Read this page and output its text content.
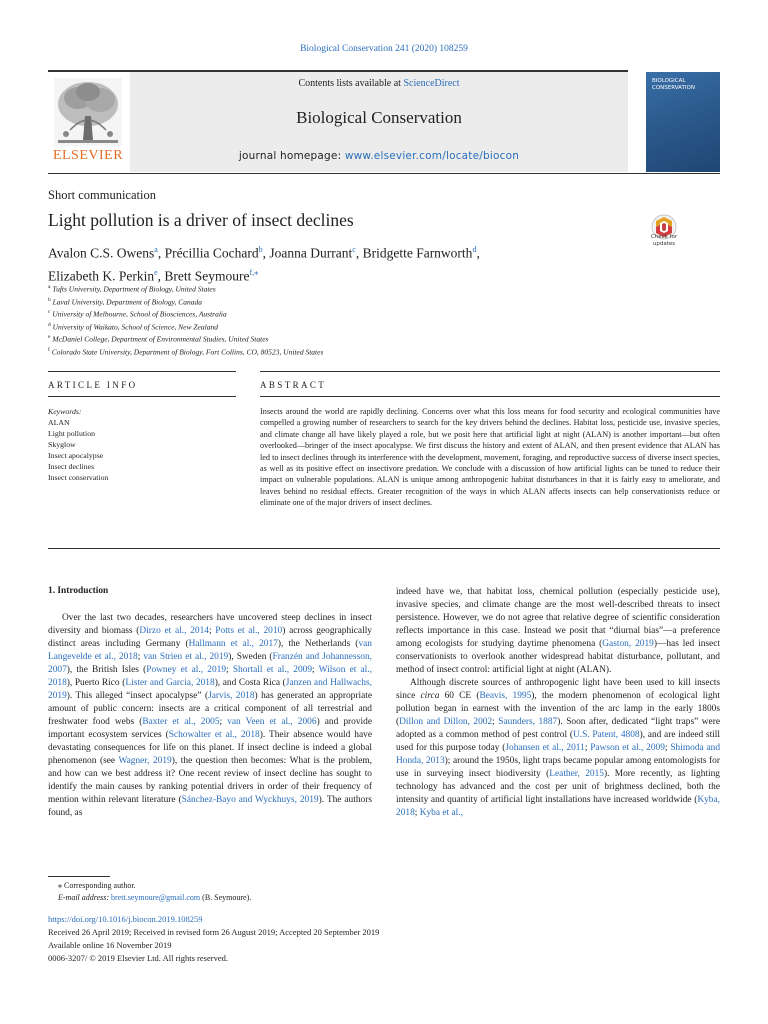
Biological Conservation 241 (2020) 108259
Contents lists available at ScienceDirect
Biological Conservation
journal homepage: www.elsevier.com/locate/biocon
ELSEVIER
BIOLOGICAL CONSERVATION
Short communication
Light pollution is a driver of insect declines
Check for updates
Avalon C.S. Owens$^a$, Précillia Cochard$^b$, Joanna Durrant$^c$, Bridgette Farnworth$^d$,
Elizabeth K. Perkin$^e$, Brett Seymoure$^{f,⁎}$
$^a$ Tufts University, Department of Biology, United States
$^b$ Laval University, Department of Biology, Canada
$^c$ University of Melbourne, School of Biosciences, Australia
$^d$ University of Waikato, School of Science, New Zealand
$^e$ McDaniel College, Department of Environmental Studies, United States
$^f$ Colorado State University, Department of Biology, Fort Collins, CO, 80523, United States
ARTICLE INFO	ABSTRACT
Keywords:
ALAN
Light pollution
Skyglow
Insect apocalypse
Insect declines
Insect conservation
Insects around the world are rapidly declining. Concerns over what this loss means for food security and ecological communities have compelled a growing number of researchers to search for the key drivers behind the declines. Habitat loss, pesticide use, invasive species, and climate change all have likely played a role, but we posit here that artificial light at night (ALAN) is another important—but often overlooked—bringer of the insect apocalypse. We first discuss the history and extent of ALAN, and then present evidence that ALAN has led to insect declines through its interference with the development, movement, foraging, and reproductive success of diverse insect species, as well as its positive effect on insectivore predation. We conclude with a discussion of how artificial lights can be tuned to reduce their impact on vulnerable populations. ALAN is unique among anthropogenic habitat disturbances in that it is fairly easy to ameliorate, and leaves behind no residual effects. Greater recognition of the ways in which ALAN affects insects can help conservationists reduce or eliminate one of the major drivers of insect declines.
1. Introduction

Over the last two decades, researchers have uncovered steep declines in insect diversity and biomass (Dirzo et al., 2014; Potts et al., 2010) across geographically distinct areas including Germany (Hallmann et al., 2017), the Netherlands (van Langevelde et al., 2018; van Strien et al., 2019), Sweden (Franzén and Johannesson, 2007), the British Isles (Powney et al., 2019; Shortall et al., 2009; Wilson et al., 2018), Puerto Rico (Lister and Garcia, 2018), and Costa Rica (Janzen and Hallwachs, 2019). This alleged “insect apocalypse” (Jarvis, 2018) has generated an appropriate amount of public concern: insects are a critical component of all terrestrial and freshwater food webs (Baxter et al., 2005; van Veen et al., 2006) and provide important ecosystem services (Schowalter et al., 2018). Their absence would have devastating consequences for life on this planet. If insect decline is indeed a global phenomenon (see Wagner, 2019), the question then becomes: What is the problem, and how can we best address it? One recent review of insect decline has sought to identify the main causes by ranking potential drivers in order of their frequency of mention within relevant literature (Sánchez-Bayo and Wyckhuys, 2019). The authors found, as

indeed have we, that habitat loss, chemical pollution (especially pesticide use), invasive species, and climate change are the most well-described threats to insect persistence. However, we do not agree that relative degree of scientific consideration reflects importance in this case. Instead we posit that “diurnal bias”—a preference among ecologists for studying daytime phenomena (Gaston, 2019)—has led insect conservationists to overlook another widespread habitat disturbance, pollutant, and method of insect control: artificial light at night (ALAN).

Although discrete sources of anthropogenic light have been used to kill insects since circa 60 CE (Beavis, 1995), the modern phenomenon of ecological light pollution began in earnest with the invention of the arc lamp in the early 1800s (Dillon and Dillon, 2002; Saunders, 1887). Soon after, dedicated “light traps” were adopted as a common method of pest control (U.S. Patent, 4808), and are indeed still used for this purpose today (Johansen et al., 2011; Pawson et al., 2009; Shimoda and Honda, 2013); around the 1950s, light traps became popular among entomologists for use in surveying insect biodiversity (Leather, 2015). More recently, as lighting technology has advanced and the cost per unit of brightness declined, both the intensity and quantity of artificial light installations have increased worldwide (Kyba, 2018; Kyba et al.,

⁎ Corresponding author.
E-mail address: brett.seymoure@gmail.com (B. Seymoure).
https://doi.org/10.1016/j.biocon.2019.108259
Received 26 April 2019; Received in revised form 26 August 2019; Accepted 20 September 2019
Available online 16 November 2019
0006-3207/ © 2019 Elsevier Ltd. All rights reserved.
